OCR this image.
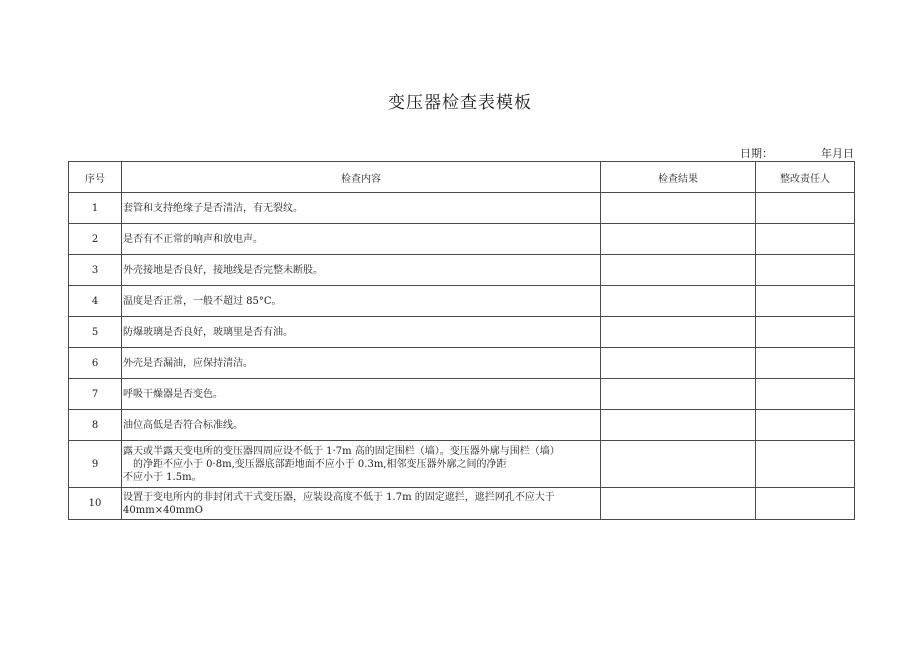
变压器检查表模板
日期：	年月日
序号	检查内容	检查结果	整改责任人
1	套管和支持绝缘子是否清洁，有无裂纹。		
2	是否有不正常的响声和放电声。		
3	外壳接地是否良好，接地线是否完整未断股。		
4	温度是否正常，一般不超过 85°C。		
5	防爆玻璃是否良好，玻璃里是否有油。		
6	外壳是否漏油，应保持清洁。		
7	呼吸干燥器是否变色。		
8	油位高低是否符合标准线。		
9	露天或半露天变电所的变压器四周应设不低于 1·7m 高的固定围栏（墙）。变压器外廓与围栏（墙）
的净距不应小于 0·8m,变压器底部距地面不应小于 0.3m,相邻变压器外廓之间的净距
不应小于 1.5m。		

10	设置于变电所内的非封闭式干式变压器，应装设高度不低于 1.7m 的固定遮拦，遮拦网孔不应大于
40mm×40mmO		
